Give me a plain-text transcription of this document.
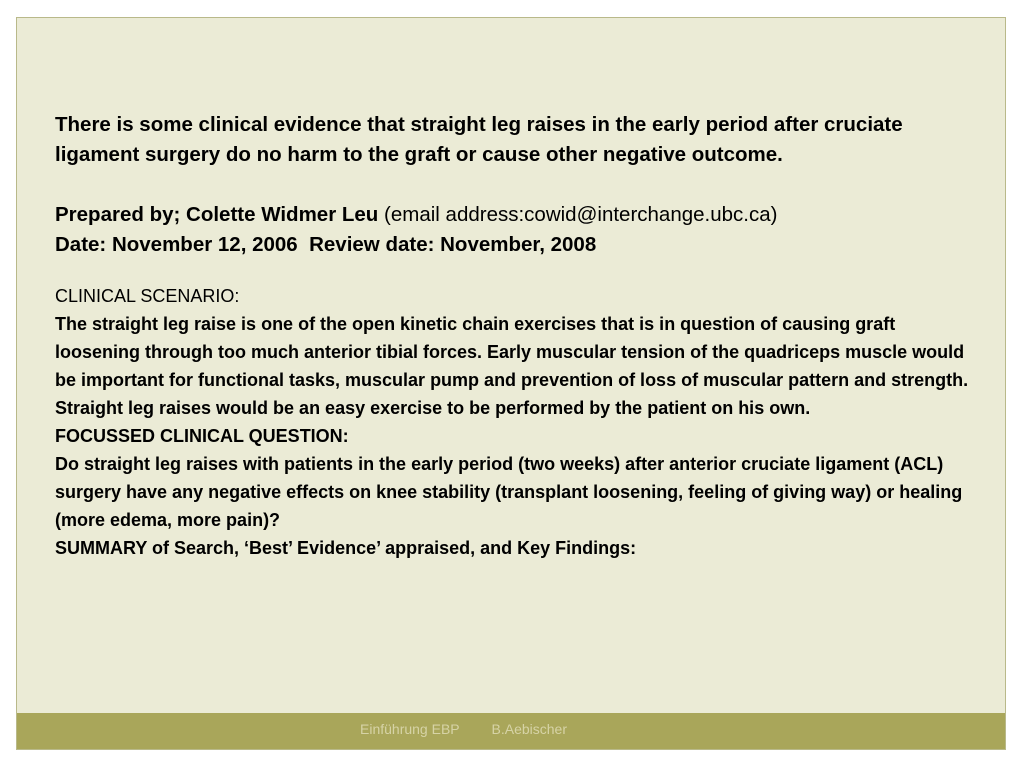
There is some clinical evidence that straight leg raises in the early period after cruciate ligament surgery do no harm to the graft or cause other negative outcome.
Prepared by; Colette Widmer Leu (email address:cowid@interchange.ubc.ca)
Date: November 12, 2006  Review date: November, 2008
CLINICAL SCENARIO:
The straight leg raise is one of the open kinetic chain exercises that is in question of causing graft loosening through too much anterior tibial forces. Early muscular tension of the quadriceps muscle would be important for functional tasks, muscular pump and prevention of loss of muscular pattern and strength. Straight leg raises would be an easy exercise to be performed by the patient on his own.
FOCUSSED CLINICAL QUESTION:
Do straight leg raises with patients in the early period (two weeks) after anterior cruciate ligament (ACL) surgery have any negative effects on knee stability (transplant loosening, feeling of giving way) or healing (more edema, more pain)?
SUMMARY of Search, ‘Best’ Evidence’ appraised, and Key Findings:
Einführung EBP B.Aebischer
